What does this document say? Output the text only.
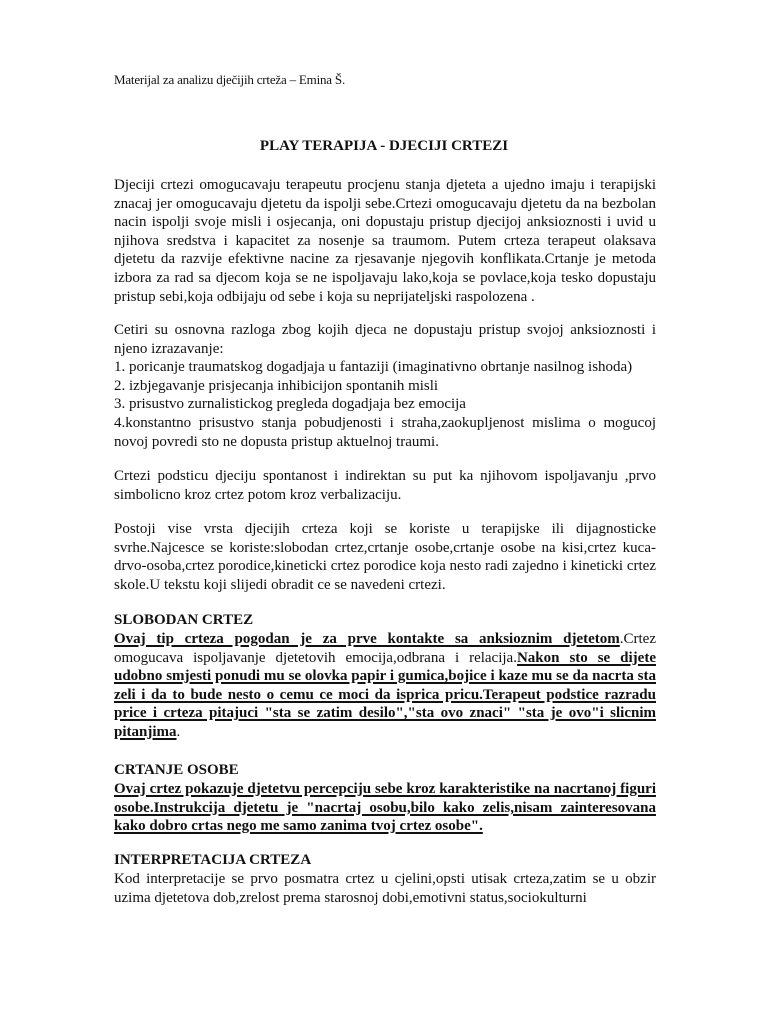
Materijal za analizu dječijih crteža – Emina Š.
PLAY TERAPIJA - DJECIJI CRTEZI

Djeciji crtezi omogucavaju terapeutu procjenu stanja djeteta a ujedno imaju i terapijski znacaj jer omogucavaju djetetu da ispolji sebe.Crtezi omogucavaju djetetu da na bezbolan nacin ispolji svoje misli i osjecanja, oni dopustaju pristup djecijoj anksioznosti i uvid u njihova sredstva i kapacitet za nosenje sa traumom. Putem crteza terapeut olaksava djetetu da razvije efektivne nacine za rjesavanje njegovih konflikata.Crtanje je metoda izbora za rad sa djecom koja se ne ispoljavaju lako,koja se povlace,koja tesko dopustaju pristup sebi,koja odbijaju od sebe i koja su neprijateljski raspolozena .

Cetiri su osnovna razloga zbog kojih djeca ne dopustaju pristup svojoj anksioznosti i njeno izrazavanje:

1. poricanje traumatskog dogadjaja u fantaziji (imaginativno obrtanje nasilnog ishoda)
2. izbjegavanje prisjecanja inhibicijon spontanih misli
3. prisustvo zurnalistickog pregleda dogadjaja bez emocija
4.konstantno prisustvo stanja pobudjenosti i straha,zaokupljenost mislima o mogucoj novoj povredi sto ne dopusta pristup aktuelnoj traumi.

Crtezi podsticu djeciju spontanost i indirektan su put ka njihovom ispoljavanju ,prvo simbolicno kroz crtez potom kroz verbalizaciju.

Postoji vise vrsta djecijih crteza koji se koriste u terapijske ili dijagnosticke svrhe.Najcesce se koriste:slobodan crtez,crtanje osobe,crtanje osobe na kisi,crtez kuca-drvo-osoba,crtez porodice,kineticki crtez porodice koja nesto radi zajedno i kineticki crtez skole.U tekstu koji slijedi obradit ce se navedeni crtezi.

SLOBODAN CRTEZ

Ovaj tip crteza pogodan je za prve kontakte sa anksioznim djetetom.Crtez omogucava ispoljavanje djetetovih emocija,odbrana i relacija.Nakon sto se dijete udobno smjesti ponudi mu se olovka papir i gumica,bojice i kaze mu se da nacrta sta zeli i da to bude nesto o cemu ce moci da isprica pricu.Terapeut podstice razradu price i crteza pitajuci "sta se zatim desilo","sta ovo znaci" "sta je ovo"i slicnim pitanjima.

CRTANJE OSOBE

Ovaj crtez pokazuje djetetvu percepciju sebe kroz karakteristike na nacrtanoj figuri osobe.Instrukcija djetetu je "nacrtaj osobu,bilo kako zelis,nisam zainteresovana kako dobro crtas nego me samo zanima tvoj crtez osobe".

INTERPRETACIJA CRTEZA

Kod interpretacije se prvo posmatra crtez u cjelini,opsti utisak crteza,zatim se u obzir uzima djetetova dob,zrelost prema starosnoj dobi,emotivni status,sociokulturni
